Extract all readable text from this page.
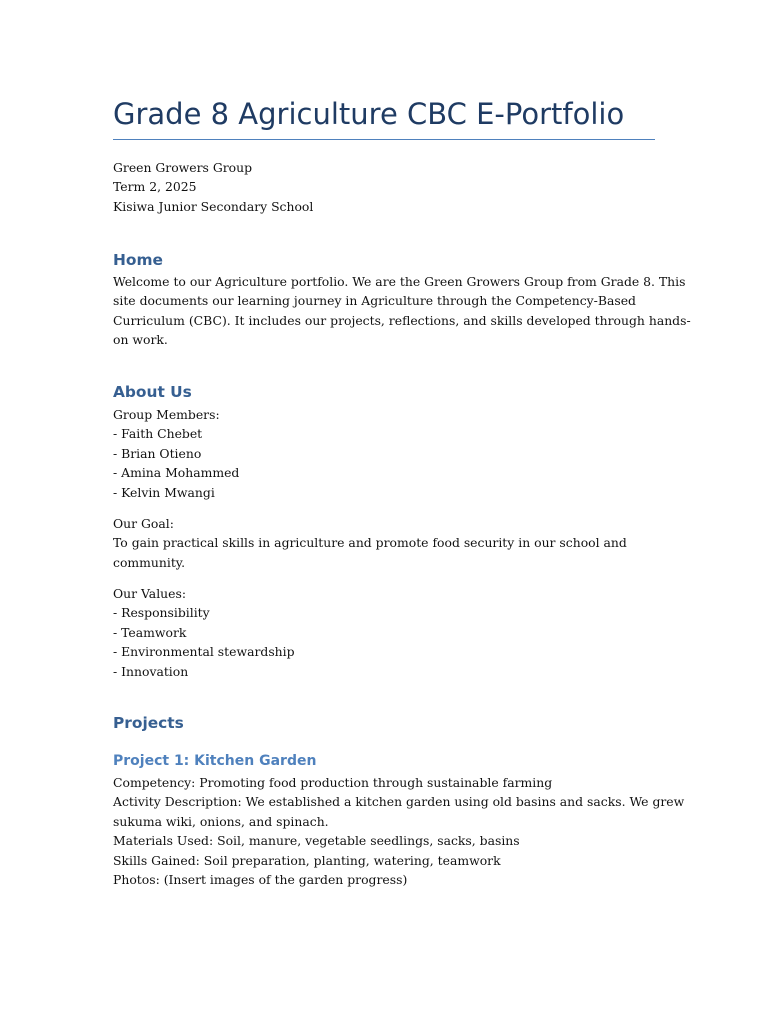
Grade 8 Agriculture CBC E-Portfolio
Green Growers Group
Term 2, 2025
Kisiwa Junior Secondary School
Home
Welcome to our Agriculture portfolio. We are the Green Growers Group from Grade 8. This
site documents our learning journey in Agriculture through the Competency-Based
Curriculum (CBC). It includes our projects, reflections, and skills developed through hands-
on work.
About Us
Group Members:
- Faith Chebet
- Brian Otieno
- Amina Mohammed
- Kelvin Mwangi
Our Goal:
To gain practical skills in agriculture and promote food security in our school and
community.
Our Values:
- Responsibility
- Teamwork
- Environmental stewardship
- Innovation
Projects
Project 1: Kitchen Garden
Competency: Promoting food production through sustainable farming
Activity Description: We established a kitchen garden using old basins and sacks. We grew
sukuma wiki, onions, and spinach.
Materials Used: Soil, manure, vegetable seedlings, sacks, basins
Skills Gained: Soil preparation, planting, watering, teamwork
Photos: (Insert images of the garden progress)
